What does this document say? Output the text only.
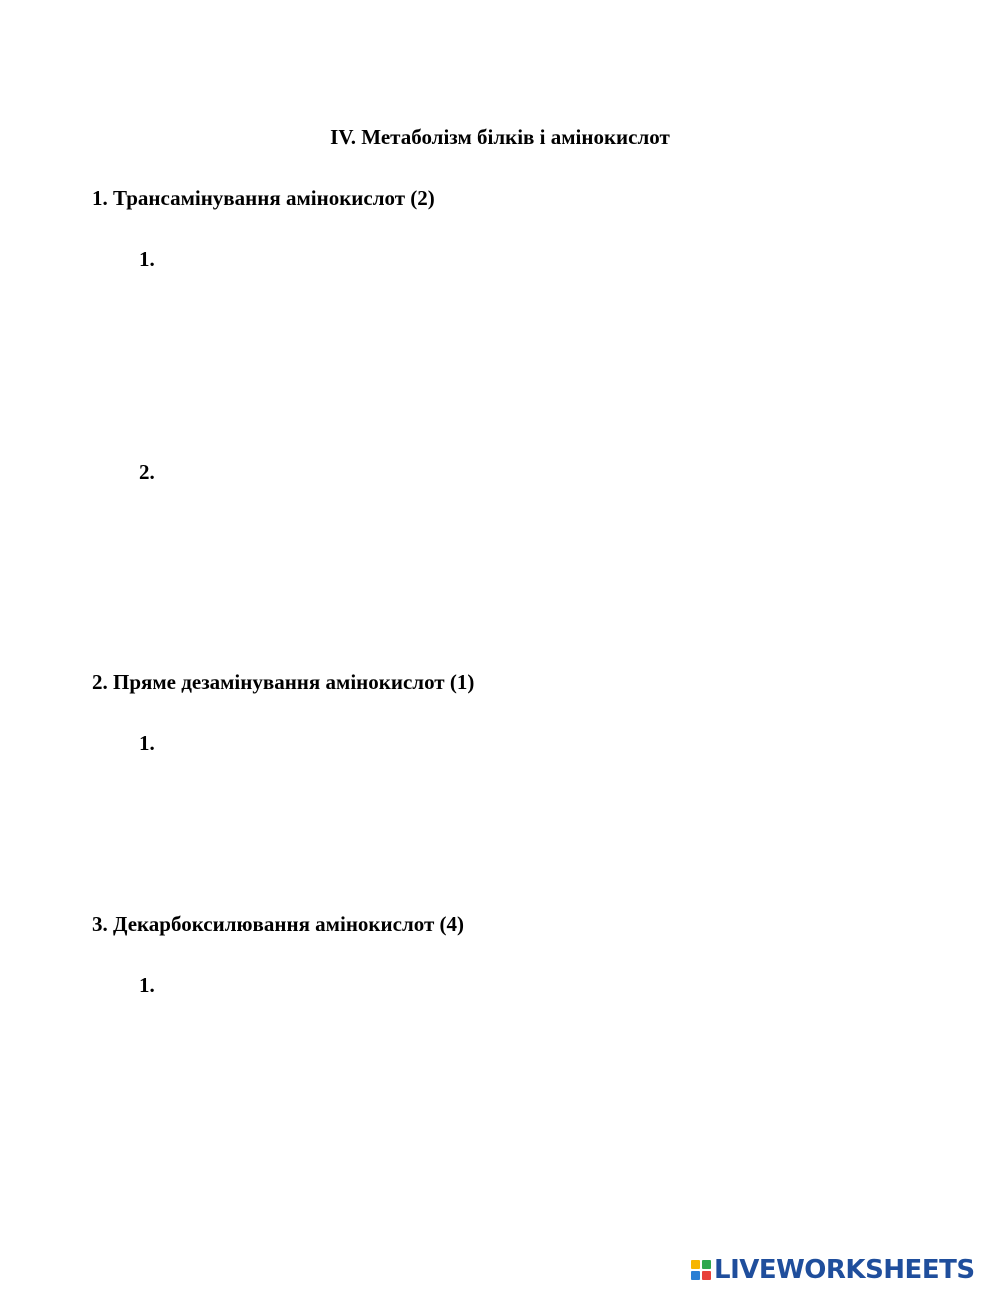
IV. Метаболізм білків і амінокислот
1. Трансамінування амінокислот (2)

1.

2.

2. Пряме дезамінування амінокислот (1)

1.

3. Декарбоксилювання амінокислот (4)

1.

LIVEWORKSHEETS
